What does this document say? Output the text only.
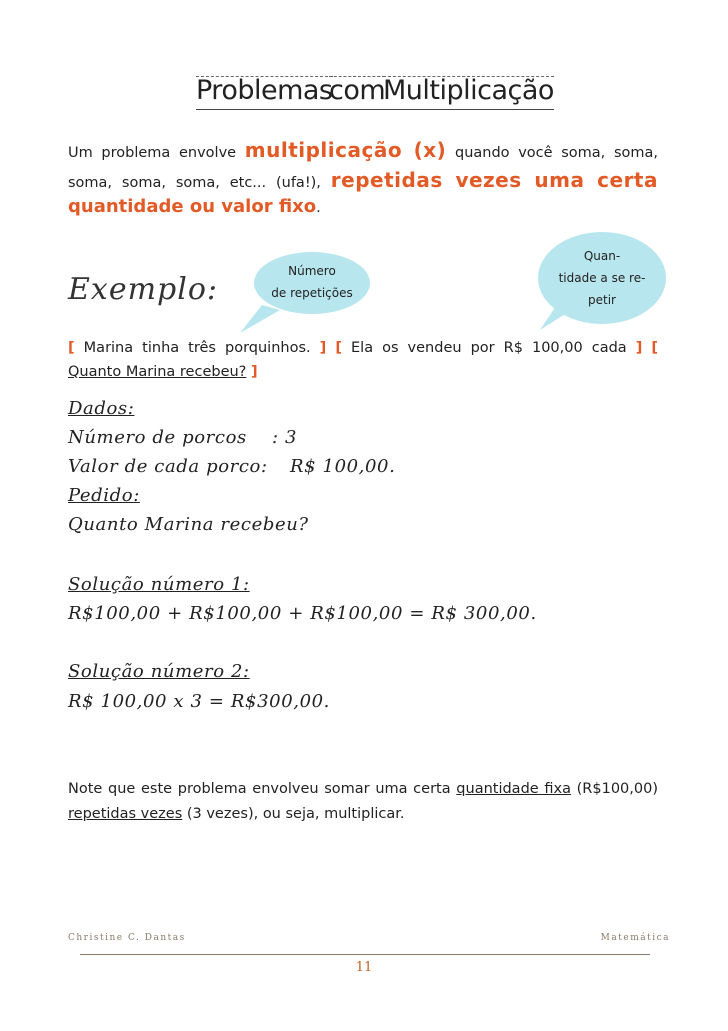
Problemas
com
Multiplicação
Um problema envolve multiplicação (x) quando você soma, soma,
soma, soma, soma, etc... (ufa!), repetidas vezes uma certa
quantidade ou valor fixo.
Exemplo:
Número
de repetições
Quan-
tidade a se re-
petir
[ Marina tinha três porquinhos. ] [ Ela os vendeu por R$ 100,00 cada ] [
Quanto Marina recebeu? ]
Dados:
Número de porcos : 3
Valor de cada porco: R$ 100,00.
Pedido:
Quanto Marina recebeu?
Solução número 1:
R$100,00 + R$100,00 + R$100,00 = R$ 300,00.
Solução número 2:
R$ 100,00 x 3 = R$300,00.
Note que este problema envolveu somar uma certa quantidade fixa (R$100,00)
repetidas vezes (3 vezes), ou seja, multiplicar.
Christine C. Dantas	Matemática
11
